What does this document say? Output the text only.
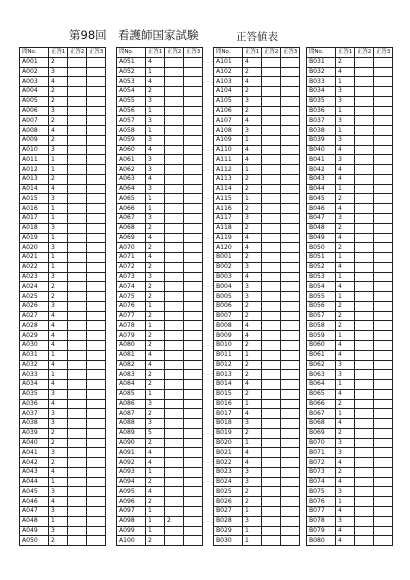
第98回 看護師国家試験	正答値表
問No.	正答1	正答2	正答3
A001	2		
A002	3		
A003	4		
A004	2		
A005	2		
A006	3		
A007	2		
A008	4		
A009	2		
A010	3		
A011	1		
A012	1		
A013	2		
A014	4		
A015	3		
A016	1		
A017	1		
A018	3		
A019	1		
A020	3		
A021	1		
A022	1		
A023	3		
A024	2		
A025	2		
A026	3		
A027	4		
A028	4		
A029	4		
A030	4		
A031	1		
A032	4		
A033	1		
A034	4		
A035	3		
A036	4		
A037	3		
A038	3		
A039	2		
A040	2		
A041	3		
A042	2		
A043	4		
A044	1		
A045	3		
A046	4		
A047	3		
A048	1		
A049	3		
A050	2		
問No.	正答1	正答2	正答3
A051	4		
A052	1		
A053	4		
A054	2		
A055	3		
A056	1		
A057	3		
A058	1		
A059	3		
A060	4		
A061	3		
A062	3		
A063	4		
A064	3		
A065	1		
A066	1		
A067	3		
A068	2		
A069	4		
A070	2		
A071	4		
A072	2		
A073	3		
A074	2		
A075	2		
A076	1		
A077	2		
A078	1		
A079	2		
A080	2		
A081	4		
A082	4		
A083	2		
A084	2		
A085	1		
A086	3		
A087	2		
A088	3		
A089	5		
A090	2		
A091	4		
A092	4		
A093	1		
A094	2		
A095	4		
A096	2		
A097	1		
A098	1	2	
A099	1		
A100	2		
問No.	正答1	正答2	正答3
A101	4		
A102	2		
A103	4		
A104	2		
A105	3		
A106	2		
A107	4		
A108	3		
A109	1		
A110	4		
A111	4		
A112	1		
A113	2		
A114	2		
A115	1		
A116	2		
A117	3		
A118	2		
A119	4		
A120	4		
B001	2		
B002	3		
B003	4		
B004	3		
B005	3		
B006	2		
B007	2		
B008	4		
B009	4		
B010	2		
B011	1		
B012	2		
B013	2		
B014	4		
B015	2		
B016	1		
B017	4		
B018	3		
B019	2		
B020	1		
B021	4		
B022	4		
B023	3		
B024	3		
B025	2		
B026	2		
B027	1		
B028	3		
B029	1		
B030	1		
問No.	正答1	正答2	正答3
B031	2		
B032	4		
B033	1		
B034	3		
B035	3		
B036	1		
B037	3		
B038	1		
B039	3		
B040	4		
B041	3		
B042	4		
B043	4		
B044	1		
B045	2		
B046	4		
B047	3		
B048	2		
B049	4		
B050	2		
B051	1		
B052	4		
B053	1		
B054	4		
B055	1		
B056	2		
B057	2		
B058	2		
B059	1		
B060	4		
B061	4		
B062	3		
B063	3		
B064	1		
B065	4		
B066	2		
B067	1		
B068	4		
B069	2		
B070	3		
B071	3		
B072	4		
B073	2		
B074	4		
B075	3		
B076	1		
B077	4		
B078	3		
B079	4		
B080	4		
